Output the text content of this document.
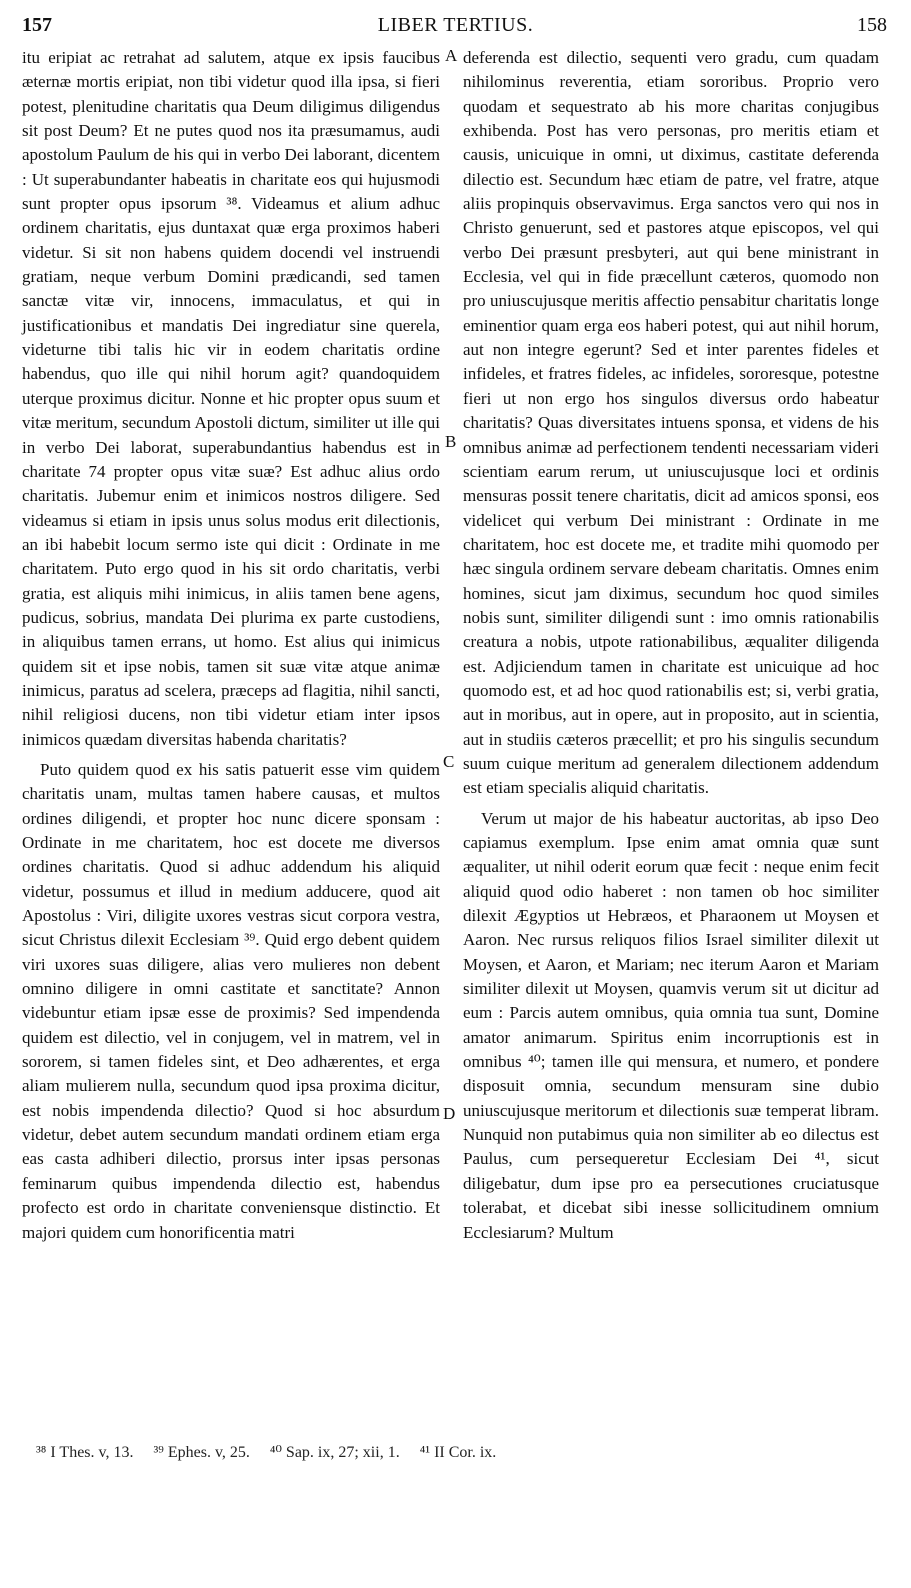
157	LIBER TERTIUS.	158

itu eripiat ac retrahat ad salutem, atque ex ipsis faucibus æternæ mortis eripiat, non tibi videtur quod illa ipsa, si fieri potest, plenitudine charitatis qua Deum diligimus diligendus sit post Deum? Et ne putes quod nos ita præsumamus, audi apostolum Paulum de his qui in verbo Dei laborant, dicentem : Ut superabundanter habeatis in charitate eos qui hujusmodi sunt propter opus ipsorum ³⁸. Videamus et alium adhuc ordinem charitatis, ejus duntaxat quæ erga proximos haberi videtur. Si sit non habens quidem docendi vel instruendi gratiam, neque verbum Domini prædicandi, sed tamen sanctæ vitæ vir, innocens, immaculatus, et qui in justificationibus et mandatis Dei ingrediatur sine querela, videturne tibi talis hic vir in eodem charitatis ordine habendus, quo ille qui nihil horum agit? quandoquidem uterque proximus dicitur. Nonne et hic propter opus suum et vitæ meritum, secundum Apostoli dictum, similiter ut ille qui in verbo Dei laborat, superabundantius habendus est in charitate 74 propter opus vitæ suæ? Est adhuc alius ordo charitatis. Jubemur enim et inimicos nostros diligere. Sed videamus si etiam in ipsis unus solus modus erit dilectionis, an ibi habebit locum sermo iste qui dicit : Ordinate in me charitatem. Puto ergo quod in his sit ordo charitatis, verbi gratia, est aliquis mihi inimicus, in aliis tamen bene agens, pudicus, sobrius, mandata Dei plurima ex parte custodiens, in aliquibus tamen errans, ut homo. Est alius qui inimicus quidem sit et ipse nobis, tamen sit suæ vitæ atque animæ inimicus, paratus ad scelera, præceps ad flagitia, nihil sancti, nihil religiosi ducens, non tibi videtur etiam inter ipsos inimicos quædam diversitas habenda charitatis?

Puto quidem quod ex his satis patuerit esse vim quidem charitatis unam, multas tamen habere causas, et multos ordines diligendi, et propter hoc nunc dicere sponsam : Ordinate in me charitatem, hoc est docete me diversos ordines charitatis. Quod si adhuc addendum his aliquid videtur, possumus et illud in medium adducere, quod ait Apostolus : Viri, diligite uxores vestras sicut corpora vestra, sicut Christus dilexit Ecclesiam ³⁹. Quid ergo debent quidem viri uxores suas diligere, alias vero mulieres non debent omnino diligere in omni castitate et sanctitate? Annon videbuntur etiam ipsæ esse de proximis? Sed impendenda quidem est dilectio, vel in conjugem, vel in matrem, vel in sororem, si tamen fideles sint, et Deo adhærentes, et erga aliam mulierem nulla, secundum quod ipsa proxima dicitur, est nobis impendenda dilectio? Quod si hoc absurdum videtur, debet autem secundum mandati ordinem etiam erga eas casta adhiberi dilectio, prorsus inter ipsas personas feminarum quibus impendenda dilectio est, habendus profecto est ordo in charitate conveniensque distinctio. Et majori quidem cum honorificentia matri

A
B
C
D

deferenda est dilectio, sequenti vero gradu, cum quadam nihilominus reverentia, etiam sororibus. Proprio vero quodam et sequestrato ab his more charitas conjugibus exhibenda. Post has vero personas, pro meritis etiam et causis, unicuique in omni, ut diximus, castitate deferenda dilectio est. Secundum hæc etiam de patre, vel fratre, atque aliis propinquis observavimus. Erga sanctos vero qui nos in Christo genuerunt, sed et pastores atque episcopos, vel qui verbo Dei præsunt presbyteri, aut qui bene ministrant in Ecclesia, vel qui in fide præcellunt cæteros, quomodo non pro uniuscujusque meritis affectio pensabitur charitatis longe eminentior quam erga eos haberi potest, qui aut nihil horum, aut non integre egerunt? Sed et inter parentes fideles et infideles, et fratres fideles, ac infideles, sororesque, potestne fieri ut non ergo hos singulos diversus ordo habeatur charitatis? Quas diversitates intuens sponsa, et videns de his omnibus animæ ad perfectionem tendenti necessariam videri scientiam earum rerum, ut uniuscujusque loci et ordinis mensuras possit tenere charitatis, dicit ad amicos sponsi, eos videlicet qui verbum Dei ministrant : Ordinate in me charitatem, hoc est docete me, et tradite mihi quomodo per hæc singula ordinem servare debeam charitatis. Omnes enim homines, sicut jam diximus, secundum hoc quod similes nobis sunt, similiter diligendi sunt : imo omnis rationabilis creatura a nobis, utpote rationabilibus, æqualiter diligenda est. Adjiciendum tamen in charitate est unicuique ad hoc quomodo est, et ad hoc quod rationabilis est; si, verbi gratia, aut in moribus, aut in opere, aut in proposito, aut in scientia, aut in studiis cæteros præcellit; et pro his singulis secundum suum cuique meritum ad generalem dilectionem addendum est etiam specialis aliquid charitatis.

Verum ut major de his habeatur auctoritas, ab ipso Deo capiamus exemplum. Ipse enim amat omnia quæ sunt æqualiter, ut nihil oderit eorum quæ fecit : neque enim fecit aliquid quod odio haberet : non tamen ob hoc similiter dilexit Ægyptios ut Hebræos, et Pharaonem ut Moysen et Aaron. Nec rursus reliquos filios Israel similiter dilexit ut Moysen, et Aaron, et Mariam; nec iterum Aaron et Mariam similiter dilexit ut Moysen, quamvis verum sit ut dicitur ad eum : Parcis autem omnibus, quia omnia tua sunt, Domine amator animarum. Spiritus enim incorruptionis est in omnibus ⁴⁰; tamen ille qui mensura, et numero, et pondere disposuit omnia, secundum mensuram sine dubio uniuscujusque meritorum et dilectionis suæ temperat libram. Nunquid non putabimus quia non similiter ab eo dilectus est Paulus, cum persequeretur Ecclesiam Dei ⁴¹, sicut diligebatur, dum ipse pro ea persecutiones cruciatusque tolerabat, et dicebat sibi inesse sollicitudinem omnium Ecclesiarum? Multum

³⁸ I Thes. v, 13. ³⁹ Ephes. v, 25. ⁴⁰ Sap. ix, 27; xii, 1. ⁴¹ II Cor. ix.
